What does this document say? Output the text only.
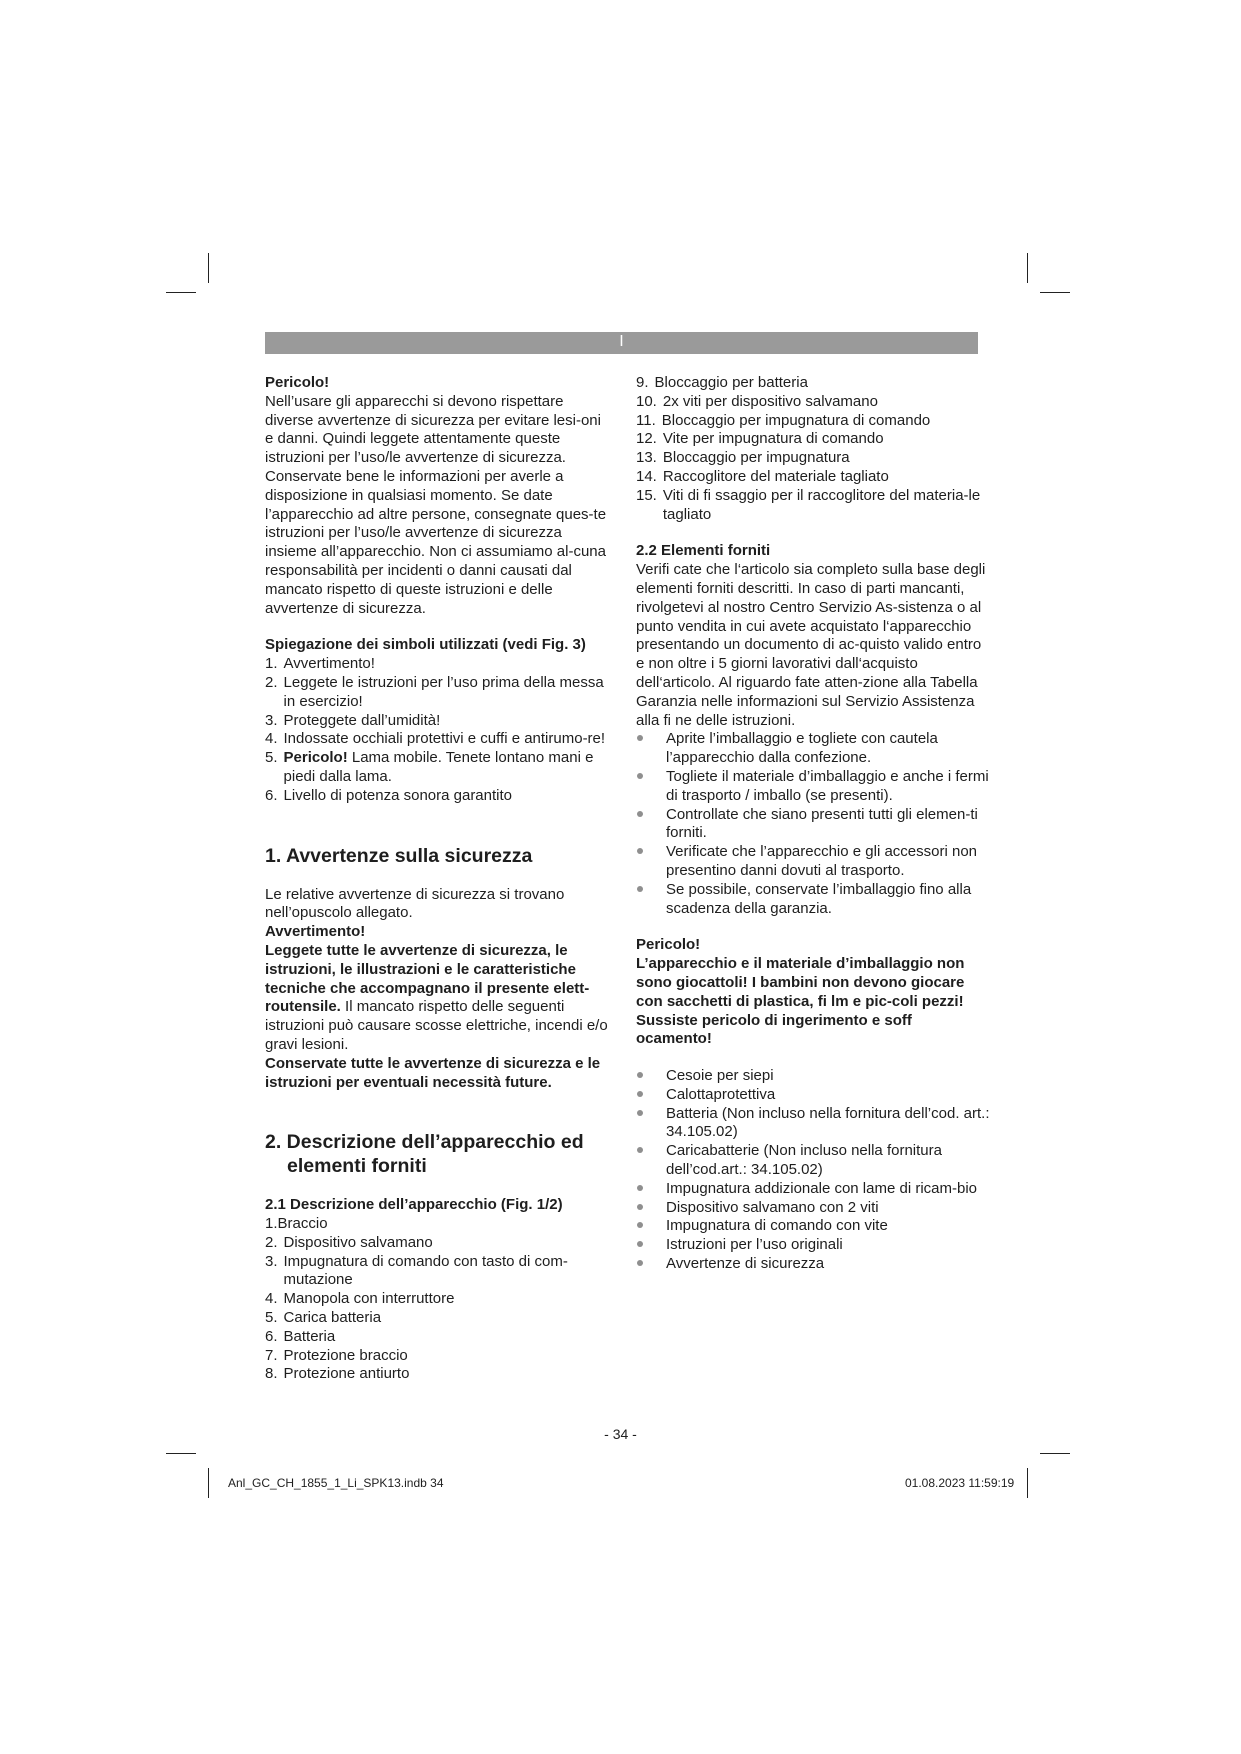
I

Pericolo!

Nell’usare gli apparecchi si devono rispettare diverse avvertenze di sicurezza per evitare lesi-oni e danni. Quindi leggete attentamente queste istruzioni per l’uso/le avvertenze di sicurezza. Conservate bene le informazioni per averle a disposizione in qualsiasi momento. Se date l’apparecchio ad altre persone, consegnate ques-te istruzioni per l’uso/le avvertenze di sicurezza insieme all’apparecchio. Non ci assumiamo al-cuna responsabilità per incidenti o danni causati dal mancato rispetto di queste istruzioni e delle avvertenze di sicurezza.

Spiegazione dei simboli utilizzati (vedi Fig. 3)

1. Avvertimento!
2. Leggete le istruzioni per l’uso prima della messa in esercizio!
3. Proteggete dall’umidità!
4. Indossate occhiali protettivi e cuffi e antirumo-re!
5. Pericolo! Lama mobile. Tenete lontano mani e piedi dalla lama.
6. Livello di potenza sonora garantito

1. Avvertenze sulla sicurezza

Le relative avvertenze di sicurezza si trovano nell’opuscolo allegato.

Avvertimento!

Leggete tutte le avvertenze di sicurezza, le istruzioni, le illustrazioni e le caratteristiche tecniche che accompagnano il presente elett-routensile. Il mancato rispetto delle seguenti istruzioni può causare scosse elettriche, incendi e/o gravi lesioni.

Conservate tutte le avvertenze di sicurezza e le istruzioni per eventuali necessità future.

2. Descrizione dell’apparecchio ed

elementi forniti

2.1 Descrizione dell’apparecchio (Fig. 1/2)

1. Braccio
2. Dispositivo salvamano
3. Impugnatura di comando con tasto di com-mutazione
4. Manopola con interruttore
5. Carica batteria
6. Batteria
7. Protezione braccio
8. Protezione antiurto
9. Bloccaggio per batteria
10. 2x viti per dispositivo salvamano
11. Bloccaggio per impugnatura di comando
12. Vite per impugnatura di comando
13. Bloccaggio per impugnatura
14. Raccoglitore del materiale tagliato
15. Viti di fi ssaggio per il raccoglitore del materia-le tagliato

2.2 Elementi forniti

Verifi cate che l‘articolo sia completo sulla base degli elementi forniti descritti. In caso di parti mancanti, rivolgetevi al nostro Centro Servizio As-sistenza o al punto vendita in cui avete acquistato l‘apparecchio presentando un documento di ac-quisto valido entro e non oltre i 5 giorni lavorativi dall‘acquisto dell‘articolo. Al riguardo fate atten-zione alla Tabella Garanzia nelle informazioni sul Servizio Assistenza alla fi ne delle istruzioni.

Aprite l’imballaggio e togliete con cautela l’apparecchio dalla confezione.
Togliete il materiale d’imballaggio e anche i fermi di trasporto / imballo (se presenti).
Controllate che siano presenti tutti gli elemen-ti forniti.
Verificate che l’apparecchio e gli accessori non presentino danni dovuti al trasporto.
Se possibile, conservate l’imballaggio fino alla scadenza della garanzia.

Pericolo!

L’apparecchio e il materiale d’imballaggio non sono giocattoli! I bambini non devono giocare con sacchetti di plastica, fi lm e pic-coli pezzi! Sussiste pericolo di ingerimento e soff ocamento!

Cesoie per siepi
Calottaprotettiva
Batteria (Non incluso nella fornitura dell’cod. art.: 34.105.02)
Caricabatterie (Non incluso nella fornitura dell’cod.art.: 34.105.02)
Impugnatura addizionale con lame di ricam-bio
Dispositivo salvamano con 2 viti
Impugnatura di comando con vite
Istruzioni per l’uso originali
Avvertenze di sicurezza
- 34 -
Anl_GC_CH_1855_1_Li_SPK13.indb 34	01.08.2023 11:59:19
